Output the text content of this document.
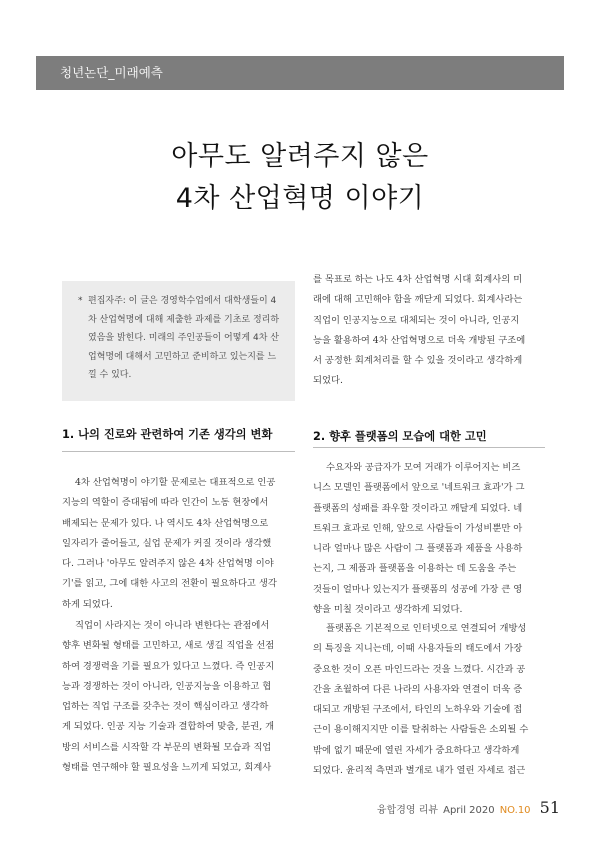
청년논단_미래예측
아무도 알려주지 않은
4차 산업혁명 이야기
* 편집자주: 이 글은 경영학수업에서 대학생들이 4
차 산업혁명에 대해 제출한 과제를 기초로 정리하
였음을 밝힌다. 미래의 주인공들이 어떻게 4차 산
업혁명에 대해서 고민하고 준비하고 있는지를 느
낄 수 있다.
1. 나의 진로와 관련하여 기존 생각의 변화
4차 산업혁명이 야기할 문제로는 대표적으로 인공
지능의 역할이 증대됨에 따라 인간이 노동 현장에서
배제되는 문제가 있다. 나 역시도 4차 산업혁명으로
일자리가 줄어들고, 실업 문제가 커질 것이라 생각했
다. 그러나 '아무도 알려주지 않은 4차 산업혁명 이야
기'를 읽고, 그에 대한 사고의 전환이 필요하다고 생각
하게 되었다.
직업이 사라지는 것이 아니라 변한다는 관점에서
향후 변화될 형태를 고민하고, 새로 생길 직업을 선점
하여 경쟁력을 기를 필요가 있다고 느꼈다. 즉 인공지
능과 경쟁하는 것이 아니라, 인공지능을 이용하고 협
업하는 직업 구조를 갖추는 것이 핵심이라고 생각하
게 되었다. 인공 지능 기술과 결합하여 맞춤, 분권, 개
방의 서비스를 시작할 각 부문의 변화될 모습과 직업
형태를 연구해야 할 필요성을 느끼게 되었고, 회계사
를 목표로 하는 나도 4차 산업혁명 시대 회계사의 미
래에 대해 고민해야 함을 깨닫게 되었다. 회계사라는
직업이 인공지능으로 대체되는 것이 아니라, 인공지
능을 활용하여 4차 산업혁명으로 더욱 개방된 구조에
서 공정한 회계처리를 할 수 있을 것이라고 생각하게
되었다.
2. 향후 플랫폼의 모습에 대한 고민
수요자와 공급자가 모여 거래가 이루어지는 비즈
니스 모델인 플랫폼에서 앞으로 '네트워크 효과'가 그
플랫폼의 성패를 좌우할 것이라고 깨달게 되었다. 네
트워크 효과로 인해, 앞으로 사람들이 가성비뿐만 아
니라 얼마나 많은 사람이 그 플랫폼과 제품을 사용하
는지, 그 제품과 플랫폼을 이용하는 데 도움을 주는
것들이 얼마나 있는지가 플랫폼의 성공에 가장 큰 영
향을 미칠 것이라고 생각하게 되었다.
플랫폼은 기본적으로 인터넷으로 연결되어 개방성
의 특징을 지니는데, 이때 사용자들의 태도에서 가장
중요한 것이 오픈 마인드라는 것을 느꼈다. 시간과 공
간을 초월하여 다른 나라의 사용자와 연결이 더욱 증
대되고 개방된 구조에서, 타인의 노하우와 기술에 접
근이 용이해지지만 이를 탈취하는 사람들은 소외될 수
밖에 없기 때문에 열린 자세가 중요하다고 생각하게
되었다. 윤리적 측면과 별개로 내가 열린 자세로 접근
융합경영 리뷰 April 2020 NO.10 51
